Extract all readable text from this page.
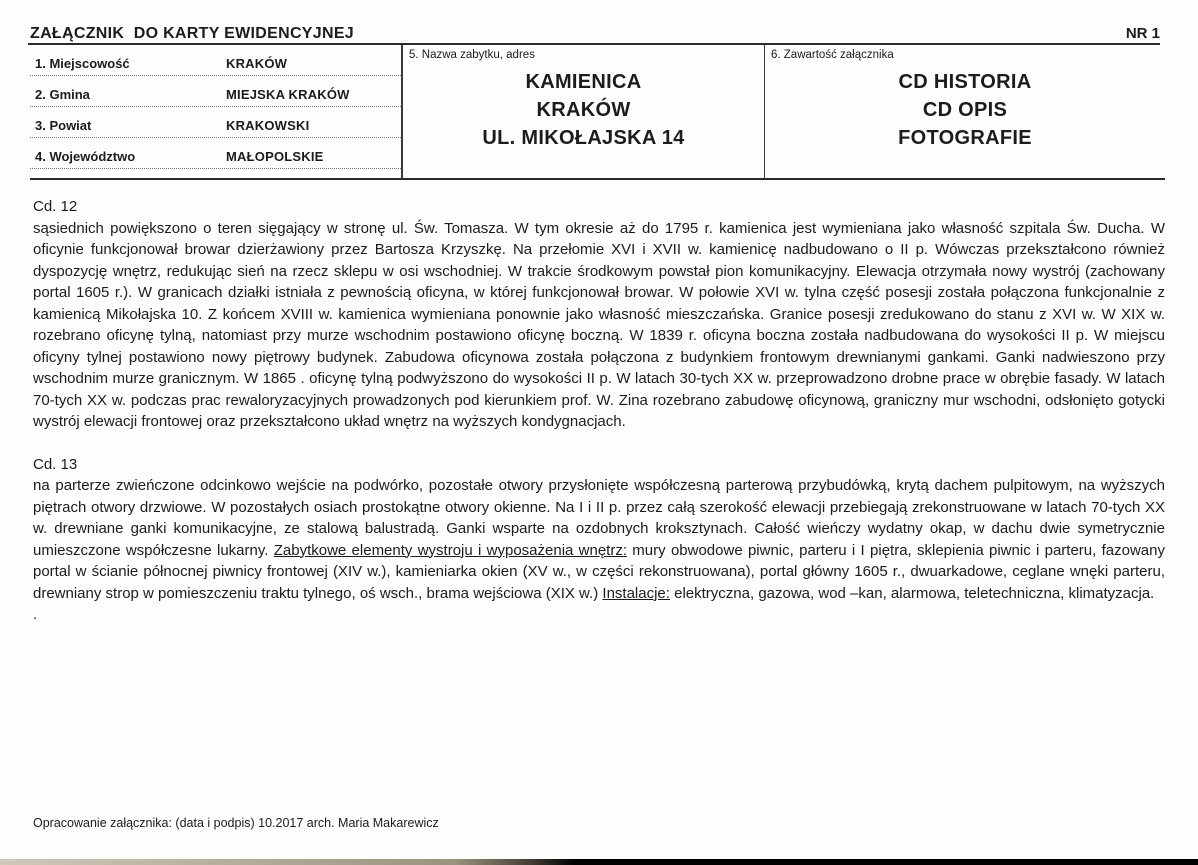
ZAŁĄCZNIK  DO KARTY EWIDENCYJNEJ	NR 1
1. Miejscowość	KRAKÓW
2. Gmina	MIEJSKA KRAKÓW
3. Powiat	KRAKOWSKI
4. Województwo	MAŁOPOLSKIE
5. Nazwa zabytku, adres
KAMIENICA
KRAKÓW
UL. MIKOŁAJSKA 14
6. Zawartość załącznika
CD HISTORIA
CD OPIS
FOTOGRAFIE
Cd. 12
sąsiednich powiększono o teren sięgający w stronę ul. Św. Tomasza. W tym okresie aż do 1795 r. kamienica jest wymieniana jako własność szpitala Św. Ducha. W oficynie funkcjonował browar dzierżawiony przez Bartosza Krzyszkę. Na przełomie XVI i XVII w. kamienicę nadbudowano o II p. Wówczas przekształcono również dyspozycję wnętrz, redukując sień na rzecz sklepu w osi wschodniej. W trakcie środkowym powstał pion komunikacyjny. Elewacja otrzymała nowy wystrój (zachowany portal 1605 r.). W granicach działki istniała z pewnością oficyna, w której funkcjonował browar. W połowie XVI w. tylna część posesji została połączona funkcjonalnie z kamienicą Mikołajska 10. Z końcem XVIII w. kamienica wymieniana ponownie jako własność mieszczańska. Granice posesji zredukowano do stanu z XVI w. W XIX w. rozebrano oficynę tylną, natomiast przy murze wschodnim postawiono oficynę boczną. W 1839 r. oficyna boczna została nadbudowana do wysokości II p. W miejscu oficyny tylnej postawiono nowy piętrowy budynek. Zabudowa oficynowa została połączona z budynkiem frontowym drewnianymi gankami. Ganki nadwieszono przy wschodnim murze granicznym. W 1865 . oficynę tylną podwyższono do wysokości II p. W latach 30-tych XX w. przeprowadzono drobne prace w obrębie fasady. W latach 70-tych XX w. podczas prac rewaloryzacyjnych prowadzonych pod kierunkiem prof. W. Zina rozebrano zabudowę oficynową, graniczny mur wschodni, odsłonięto gotycki wystrój elewacji frontowej oraz przekształcono układ wnętrz na wyższych kondygnacjach.
Cd. 13
na parterze zwieńczone odcinkowo wejście na podwórko, pozostałe otwory przysłonięte współczesną parterową przybudówką, krytą dachem pulpitowym, na wyższych piętrach otwory drzwiowe. W pozostałych osiach prostokątne otwory okienne. Na I i II p. przez całą szerokość elewacji przebiegają zrekonstruowane w latach 70-tych XX w. drewniane ganki komunikacyjne, ze stalową balustradą. Ganki wsparte na ozdobnych kroksztynach. Całość wieńczy wydatny okap, w dachu dwie symetrycznie umieszczone współczesne lukarny. Zabytkowe elementy wystroju i wyposażenia wnętrz: mury obwodowe piwnic, parteru i I piętra, sklepienia piwnic i parteru, fazowany portal w ścianie północnej piwnicy frontowej (XIV w.), kamieniarka okien (XV w., w części rekonstruowana), portal główny 1605 r., dwuarkadowe, ceglane wnęki parteru, drewniany strop w pomieszczeniu traktu tylnego, oś wsch., brama wejściowa (XIX w.) Instalacje: elektryczna, gazowa, wod –kan, alarmowa, teletechniczna, klimatyzacja.
.
Opracowanie załącznika: (data i podpis) 10.2017 arch. Maria Makarewicz
